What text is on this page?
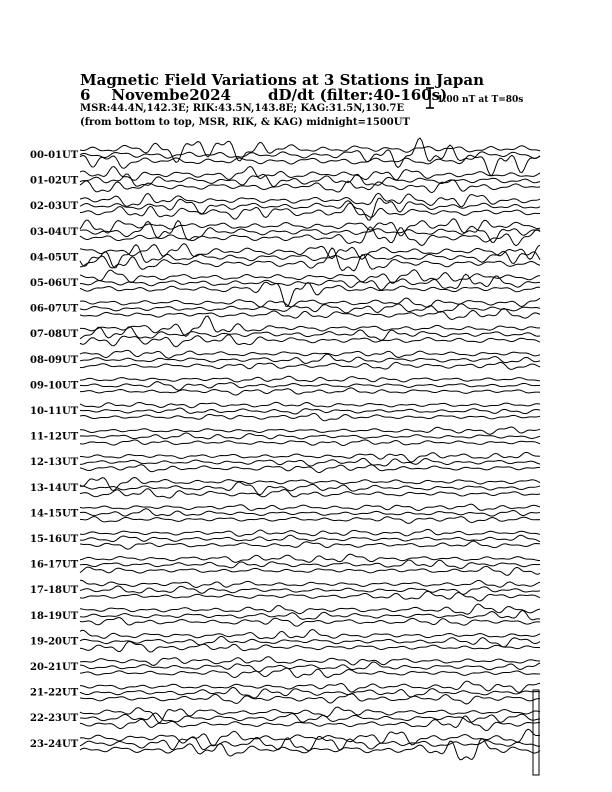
Magnetic Field Variations at 3 Stations in Japan
6 Novembe2024 dD/dt (filter:40-160s)
MSR:44.4N,142.3E; RIK:43.5N,143.8E; KAG:31.5N,130.7E
(from bottom to top, MSR, RIK, & KAG) midnight=1500UT
1.00 nT at T=80s
00-01UT
01-02UT
02-03UT
03-04UT
04-05UT
05-06UT
06-07UT
07-08UT
08-09UT
09-10UT
10-11UT
11-12UT
12-13UT
13-14UT
14-15UT
15-16UT
16-17UT
17-18UT
18-19UT
19-20UT
20-21UT
21-22UT
22-23UT
23-24UT
